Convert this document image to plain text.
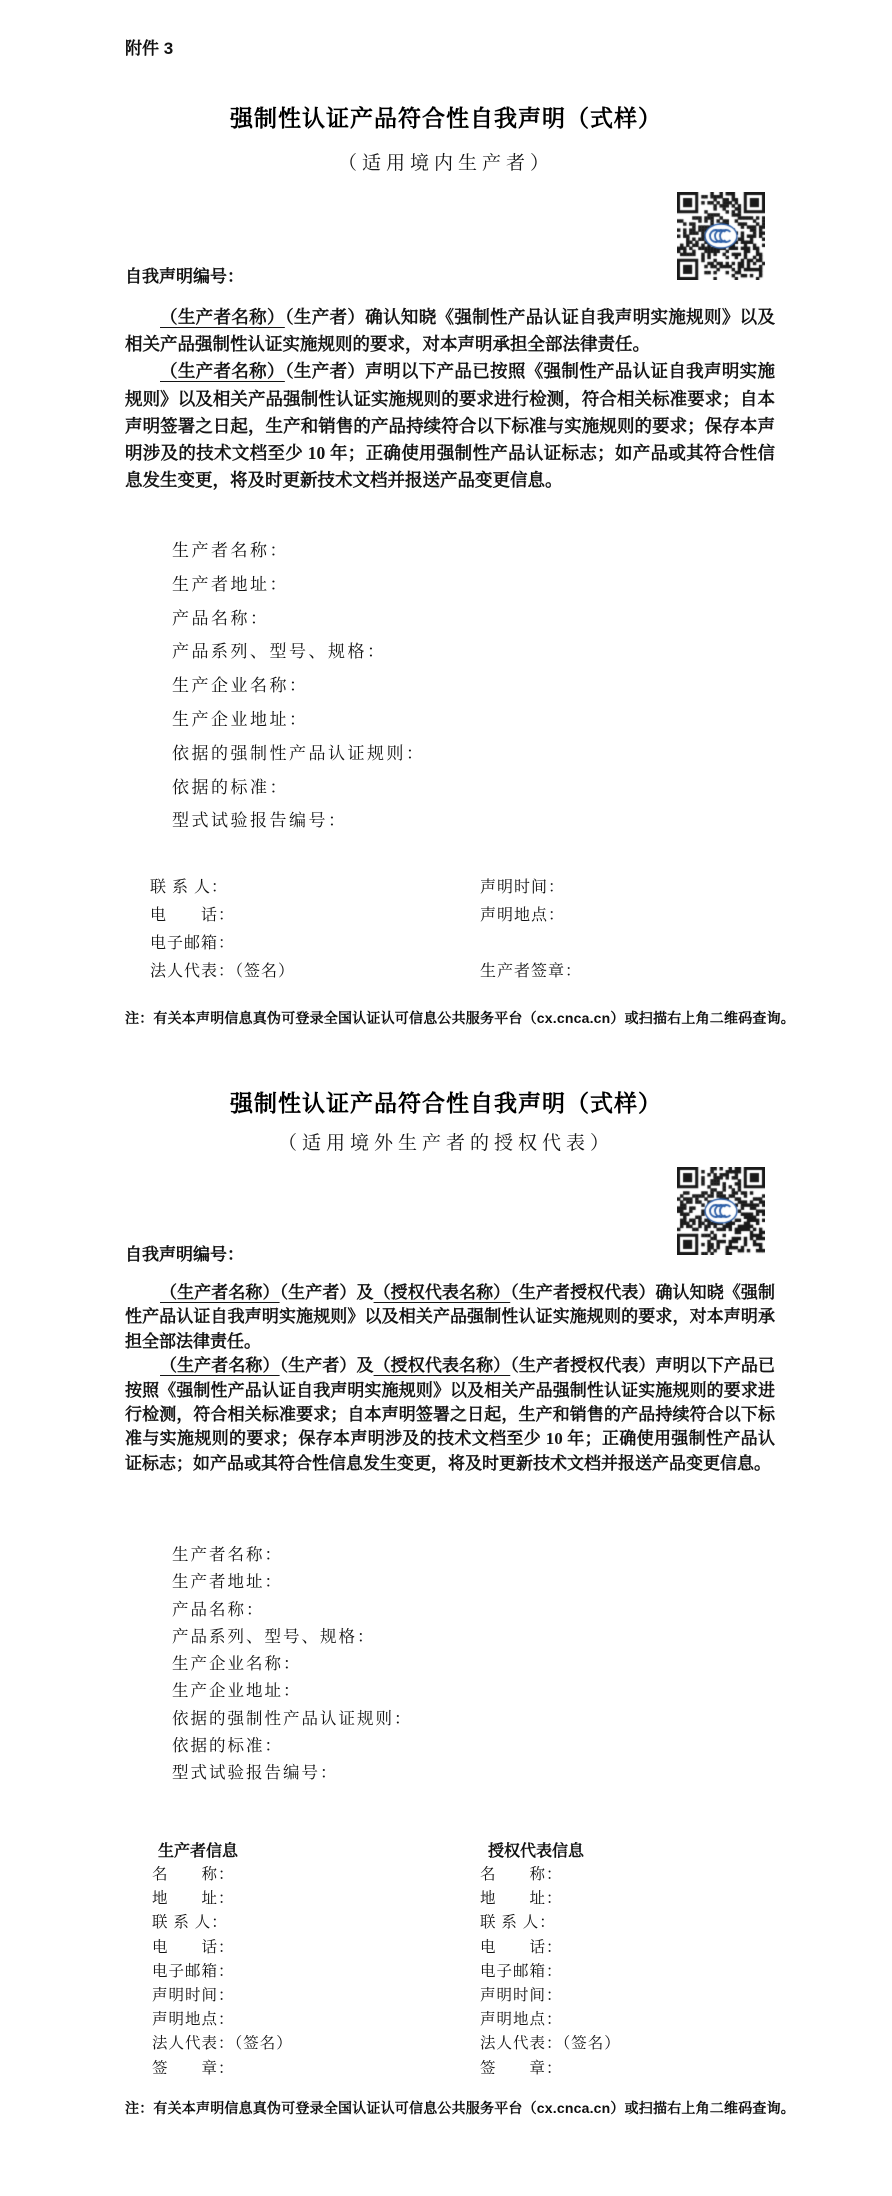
附件 3
强制性认证产品符合性自我声明（式样）
（适用境内生产者）
自我声明编号：

（生产者名称）（生产者）确认知晓《强制性产品认证自我声明实施规则》以及相关产品强制性认证实施规则的要求，对本声明承担全部法律责任。

（生产者名称）（生产者）声明以下产品已按照《强制性产品认证自我声明实施规则》以及相关产品强制性认证实施规则的要求进行检测，符合相关标准要求；自本声明签署之日起，生产和销售的产品持续符合以下标准与实施规则的要求；保存本声明涉及的技术文档至少 10 年；正确使用强制性产品认证标志；如产品或其符合性信息发生变更，将及时更新技术文档并报送产品变更信息。

生产者名称：
生产者地址：
产品名称：
产品系列、型号、规格：
生产企业名称：
生产企业地址：
依据的强制性产品认证规则：
依据的标准：
型式试验报告编号：
联 系 人：	声明时间：
电　　话：	声明地点：
电子邮箱：
法人代表：（签名）	生产者签章：
注：有关本声明信息真伪可登录全国认证认可信息公共服务平台（cx.cnca.cn）或扫描右上角二维码查询。
强制性认证产品符合性自我声明（式样）
（适用境外生产者的授权代表）
自我声明编号：

（生产者名称）（生产者）及（授权代表名称）（生产者授权代表）确认知晓《强制性产品认证自我声明实施规则》以及相关产品强制性认证实施规则的要求，对本声明承担全部法律责任。

（生产者名称）（生产者）及（授权代表名称）（生产者授权代表）声明以下产品已按照《强制性产品认证自我声明实施规则》以及相关产品强制性认证实施规则的要求进行检测，符合相关标准要求；自本声明签署之日起，生产和销售的产品持续符合以下标准与实施规则的要求；保存本声明涉及的技术文档至少 10 年；正确使用强制性产品认证标志；如产品或其符合性信息发生变更，将及时更新技术文档并报送产品变更信息。

生产者名称：
生产者地址：
产品名称：
产品系列、型号、规格：
生产企业名称：
生产企业地址：
依据的强制性产品认证规则：
依据的标准：
型式试验报告编号：
生产者信息	授权代表信息
名　　称：	名　　称：
地　　址：	地　　址：
联 系 人：	联 系 人：
电　　话：	电　　话：
电子邮箱：	电子邮箱：
声明时间：	声明时间：
声明地点：	声明地点：
法人代表：（签名）	法人代表：（签名）
签　　章：	签　　章：
注：有关本声明信息真伪可登录全国认证认可信息公共服务平台（cx.cnca.cn）或扫描右上角二维码查询。
